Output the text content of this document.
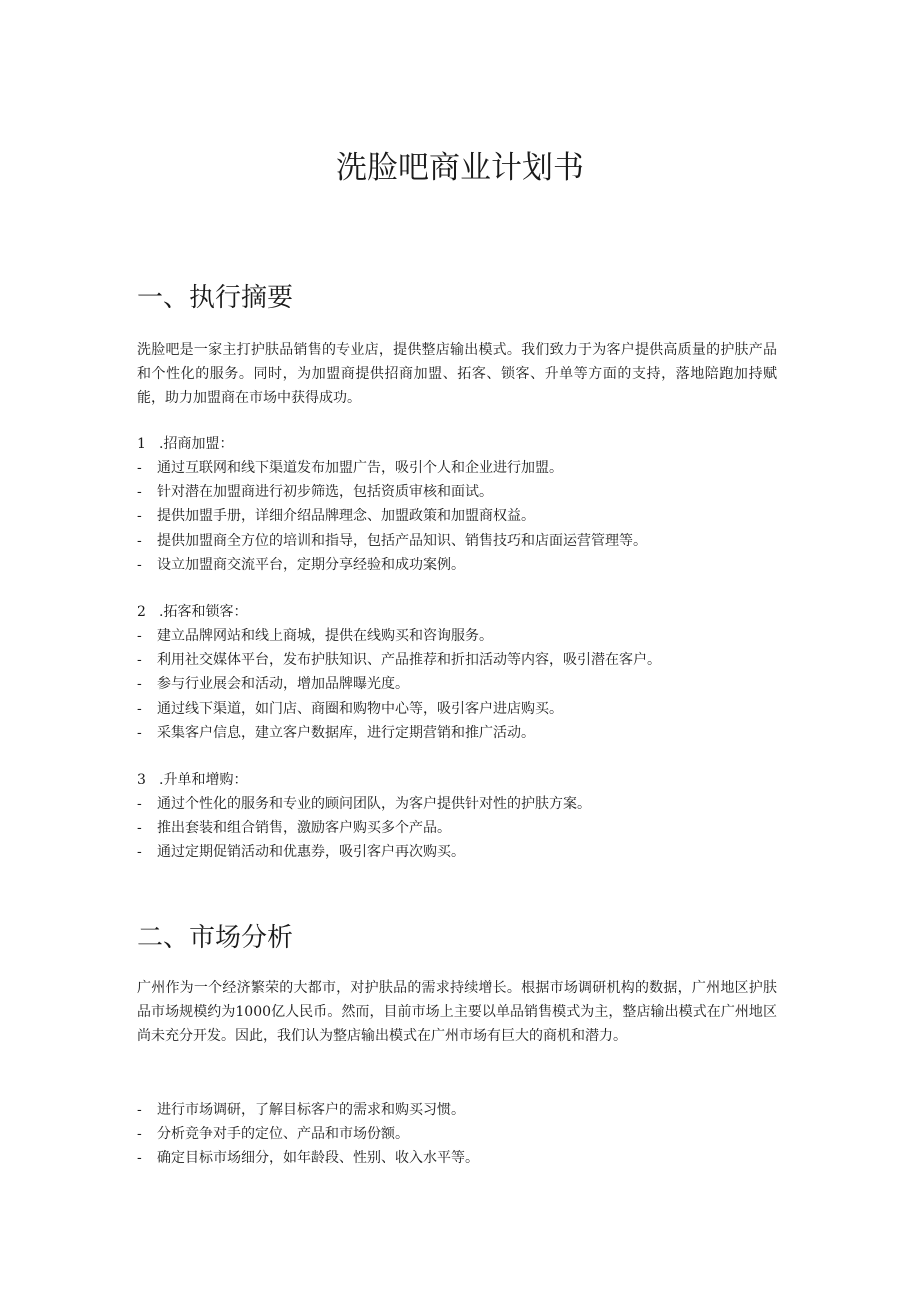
洗脸吧商业计划书
一、执行摘要

洗脸吧是一家主打护肤品销售的专业店，提供整店输出模式。我们致力于为客户提供高质量的护肤产品和个性化的服务。同时，为加盟商提供招商加盟、拓客、锁客、升单等方面的支持，落地陪跑加持赋能，助力加盟商在市场中获得成功。

1 .招商加盟：

- 通过互联网和线下渠道发布加盟广告，吸引个人和企业进行加盟。
- 针对潜在加盟商进行初步筛选，包括资质审核和面试。
- 提供加盟手册，详细介绍品牌理念、加盟政策和加盟商权益。
- 提供加盟商全方位的培训和指导，包括产品知识、销售技巧和店面运营管理等。
- 设立加盟商交流平台，定期分享经验和成功案例。

2 .拓客和锁客：

- 建立品牌网站和线上商城，提供在线购买和咨询服务。
- 利用社交媒体平台，发布护肤知识、产品推荐和折扣活动等内容，吸引潜在客户。
- 参与行业展会和活动，增加品牌曝光度。
- 通过线下渠道，如门店、商圈和购物中心等，吸引客户进店购买。
- 采集客户信息，建立客户数据库，进行定期营销和推广活动。

3 .升单和增购：

- 通过个性化的服务和专业的顾问团队，为客户提供针对性的护肤方案。
- 推出套装和组合销售，激励客户购买多个产品。
- 通过定期促销活动和优惠券，吸引客户再次购买。
二、市场分析

广州作为一个经济繁荣的大都市，对护肤品的需求持续增长。根据市场调研机构的数据，广州地区护肤品市场规模约为1000亿人民币。然而，目前市场上主要以单品销售模式为主，整店输出模式在广州地区尚未充分开发。因此，我们认为整店输出模式在广州市场有巨大的商机和潜力。

- 进行市场调研，了解目标客户的需求和购买习惯。
- 分析竞争对手的定位、产品和市场份额。
- 确定目标市场细分，如年龄段、性别、收入水平等。
